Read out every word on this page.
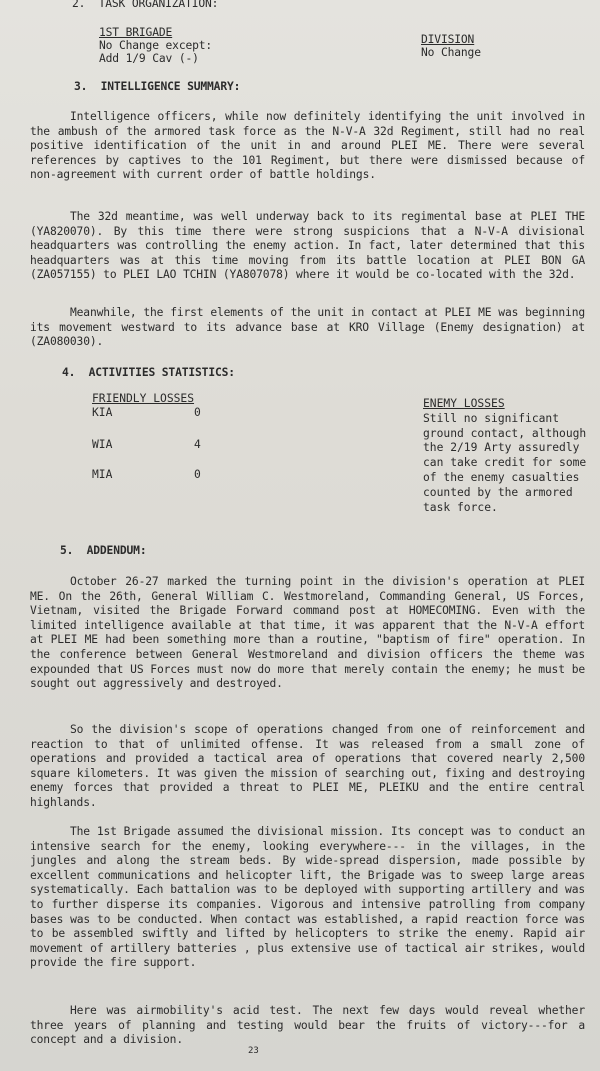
2.  TASK ORGANIZATION:
1ST BRIGADE
No Change except:
Add 1/9 Cav (-)
DIVISION
No Change
3.  INTELLIGENCE SUMMARY:

Intelligence officers, while now definitely identifying the unit involved in the ambush of the armored task force as the N-V-A 32d Regiment, still had no real positive identification of the unit in and around PLEI ME. There were several references by captives to the 101 Regiment, but there were dismissed because of non-agreement with current order of battle holdings.

The 32d meantime, was well underway back to its regimental base at PLEI THE (YA820070). By this time there were strong suspicions that a N-V-A divisional headquarters was controlling the enemy action. In fact, later determined that this headquarters was at this time moving from its battle location at PLEI BON GA (ZA057155) to PLEI LAO TCHIN (YA807078) where it would be co-located with the 32d.

Meanwhile, the first elements of the unit in contact at PLEI ME was beginning its movement westward to its advance base at KRO Village (Enemy designation) at (ZA080030).

4.  ACTIVITIES STATISTICS:
FRIENDLY LOSSES
KIA	0
WIA	4
MIA	0
ENEMY LOSSES
Still no significant ground contact, although the 2/19 Arty assuredly can take credit for some of the enemy casualties counted by the armored task force.
5.  ADDENDUM:

October 26-27 marked the turning point in the division's operation at PLEI ME. On the 26th, General William C. Westmoreland, Commanding General, US Forces, Vietnam, visited the Brigade Forward command post at HOMECOMING. Even with the limited intelligence available at that time, it was apparent that the N-V-A effort at PLEI ME had been something more than a routine, "baptism of fire" operation. In the conference between General Westmoreland and division officers the theme was expounded that US Forces must now do more that merely contain the enemy; he must be sought out aggressively and destroyed.

So the division's scope of operations changed from one of reinforcement and reaction to that of unlimited offense. It was released from a small zone of operations and provided a tactical area of operations that covered nearly 2,500 square kilometers. It was given the mission of searching out, fixing and destroying enemy forces that provided a threat to PLEI ME, PLEIKU and the entire central highlands.

The 1st Brigade assumed the divisional mission. Its concept was to conduct an intensive search for the enemy, looking everywhere--- in the villages, in the jungles and along the stream beds. By wide-spread dispersion, made possible by excellent communications and helicopter lift, the Brigade was to sweep large areas systematically. Each battalion was to be deployed with supporting artillery and was to further disperse its companies. Vigorous and intensive patrolling from company bases was to be conducted. When contact was established, a rapid reaction force was to be assembled swiftly and lifted by helicopters to strike the enemy. Rapid air movement of artillery batteries , plus extensive use of tactical air strikes, would provide the fire support.

Here was airmobility's acid test. The next few days would reveal whether three years of planning and testing would bear the fruits of victory---for a concept and a division.

23
